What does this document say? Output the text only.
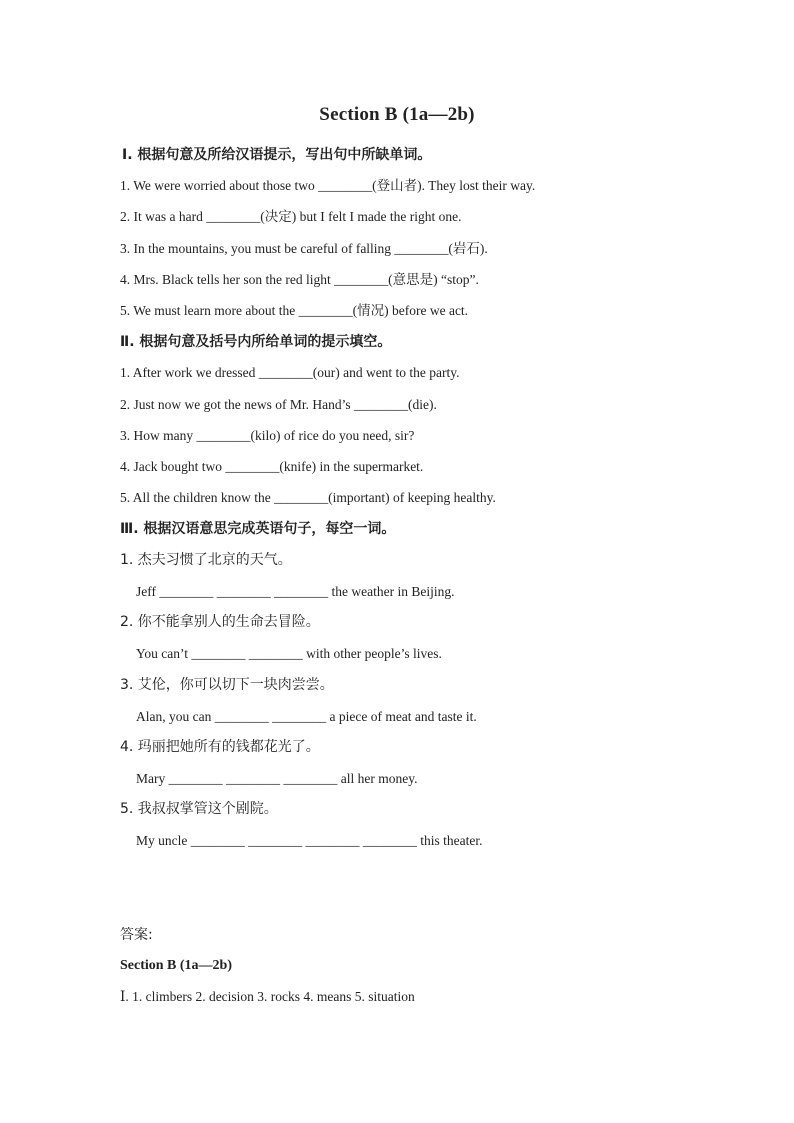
Section B (1a—2b)
Ⅰ. 根据句意及所给汉语提示，写出句中所缺单词。
1. We were worried about those two ________(登山者). They lost their way.
2. It was a hard ________(决定) but I felt I made the right one.
3. In the mountains, you must be careful of falling ________(岩石).
4. Mrs. Black tells her son the red light ________(意思是) “stop”.
5. We must learn more about the ________(情况) before we act.
Ⅱ. 根据句意及括号内所给单词的提示填空。
1. After work we dressed ________(our) and went to the party.
2. Just now we got the news of Mr. Hand’s ________(die).
3. How many ________(kilo) of rice do you need, sir?
4. Jack bought two ________(knife) in the supermarket.
5. All the children know the ________(important) of keeping healthy.
Ⅲ. 根据汉语意思完成英语句子，每空一词。
1. 杰夫习惯了北京的天气。
Jeff ________ ________ ________ the weather in Beijing.
2. 你不能拿别人的生命去冒险。
You can’t ________ ________ with other people’s lives.
3. 艾伦，你可以切下一块肉尝尝。
Alan, you can ________ ________ a piece of meat and taste it.
4. 玛丽把她所有的钱都花光了。
Mary ________ ________ ________ all her money.
5. 我叔叔掌管这个剧院。
My uncle ________ ________ ________ ________ this theater.
答案:
Section B (1a—2b)
Ⅰ. 1. climbers 2. decision 3. rocks 4. means 5. situation
